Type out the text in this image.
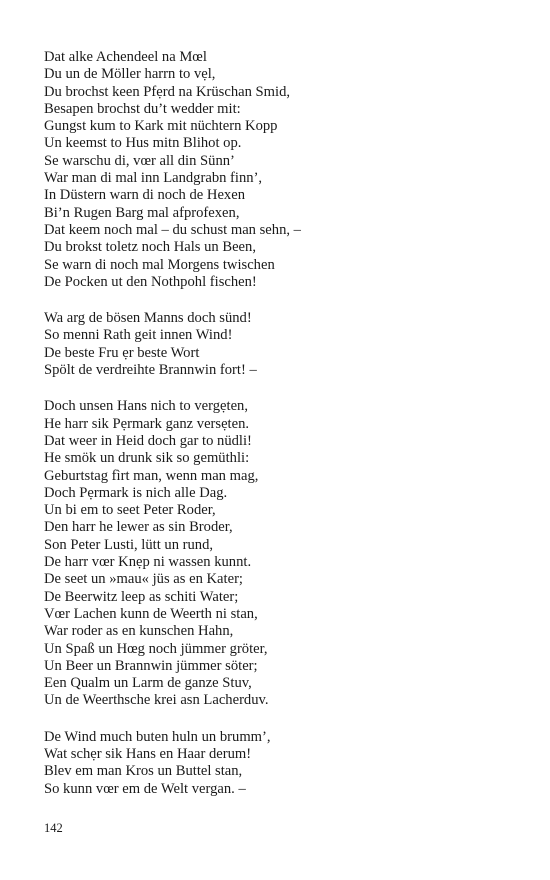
Dat alke Achendeel na Mœl
Du un de Möller harrn to vẹl,
Du brochst keen Pfẹrd na Krüschan Smid,
Besapen brochst du’t wedder mit:
Gungst kum to Kark mit nüchtern Kopp
Un keemst to Hus mitn Blihot op.
Se warschu di, vœr all din Sünn’
War man di mal inn Landgrabn finn’,
In Düstern warn di noch de Hexen
Bi’n Rugen Barg mal afprofexen,
Dat keem noch mal – du schust man sehn, –
Du brokst toletz noch Hals un Been,
Se warn di noch mal Morgens twischen
De Pocken ut den Nothpohl fischen!
Wa arg de bösen Manns doch sünd!
So menni Rath geit innen Wind!
De beste Fru ẹr beste Wort
Spölt de verdreihte Brannwin fort! –
Doch unsen Hans nich to vergẹten,
He harr sik Pẹrmark ganz versẹten.
Dat weer in Heid doch gar to nüdli!
He smök un drunk sik so gemüthli:
Geburtstag fìrt man, wenn man mag,
Doch Pẹrmark is nich alle Dag.
Un bi em to seet Peter Roder,
Den harr he lewer as sin Broder,
Son Peter Lusti, lütt un rund,
De harr vœr Knẹp ni wassen kunnt.
De seet un »mau« jüs as en Kater;
De Beerwitz leep as schiti Water;
Vœr Lachen kunn de Weerth ni stan,
War roder as en kunschen Hahn,
Un Spaß un Hœg noch jümmer gröter,
Un Beer un Brannwin jümmer söter;
Een Qualm un Larm de ganze Stuv,
Un de Weerthsche krei asn Lacherduv.
De Wind much buten huln un brumm’,
Wat schẹr sik Hans en Haar derum!
Blev em man Kros un Buttel stan,
So kunn vœr em de Welt vergan. –
142
